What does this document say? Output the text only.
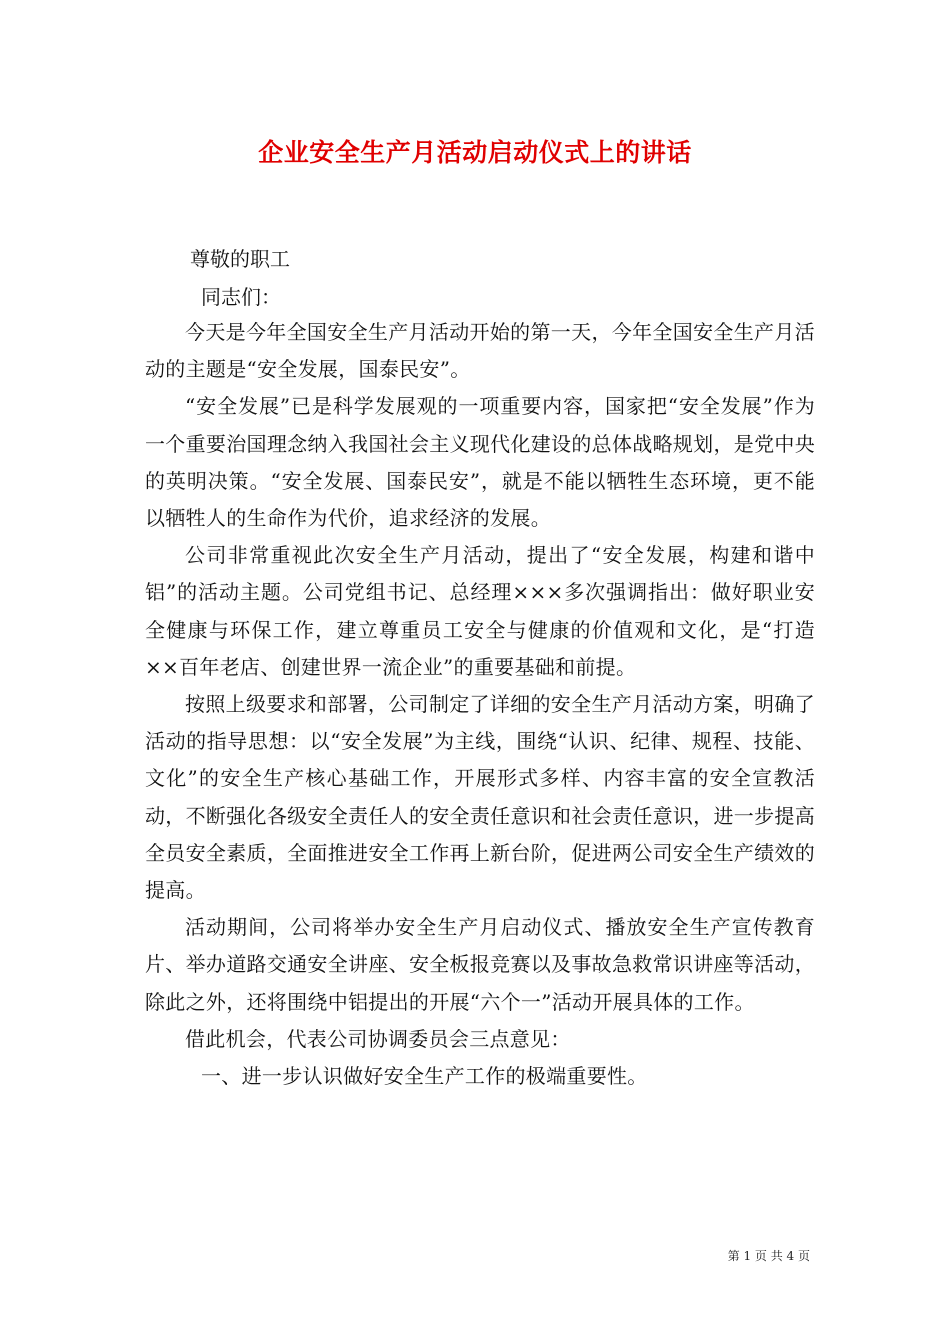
企业安全生产月活动启动仪式上的讲话
尊敬的职工
同志们：

今天是今年全国安全生产月活动开始的第一天，今年全国安全生产月活动的主题是“安全发展，国泰民安”。

“安全发展”已是科学发展观的一项重要内容，国家把“安全发展”作为一个重要治国理念纳入我国社会主义现代化建设的总体战略规划，是党中央的英明决策。“安全发展、国泰民安”，就是不能以牺牲生态环境，更不能以牺牲人的生命作为代价，追求经济的发展。

公司非常重视此次安全生产月活动，提出了“安全发展，构建和谐中铝”的活动主题。公司党组书记、总经理×××多次强调指出：做好职业安全健康与环保工作，建立尊重员工安全与健康的价值观和文化，是“打造××百年老店、创建世界一流企业”的重要基础和前提。

按照上级要求和部署，公司制定了详细的安全生产月活动方案，明确了活动的指导思想：以“安全发展”为主线，围绕“认识、纪律、规程、技能、文化”的安全生产核心基础工作，开展形式多样、内容丰富的安全宣教活动，不断强化各级安全责任人的安全责任意识和社会责任意识，进一步提高全员安全素质，全面推进安全工作再上新台阶，促进两公司安全生产绩效的提高。

活动期间，公司将举办安全生产月启动仪式、播放安全生产宣传教育片、举办道路交通安全讲座、安全板报竞赛以及事故急救常识讲座等活动，除此之外，还将围绕中铝提出的开展“六个一”活动开展具体的工作。

借此机会，代表公司协调委员会三点意见：

一、进一步认识做好安全生产工作的极端重要性。

第 1 页 共 4 页
